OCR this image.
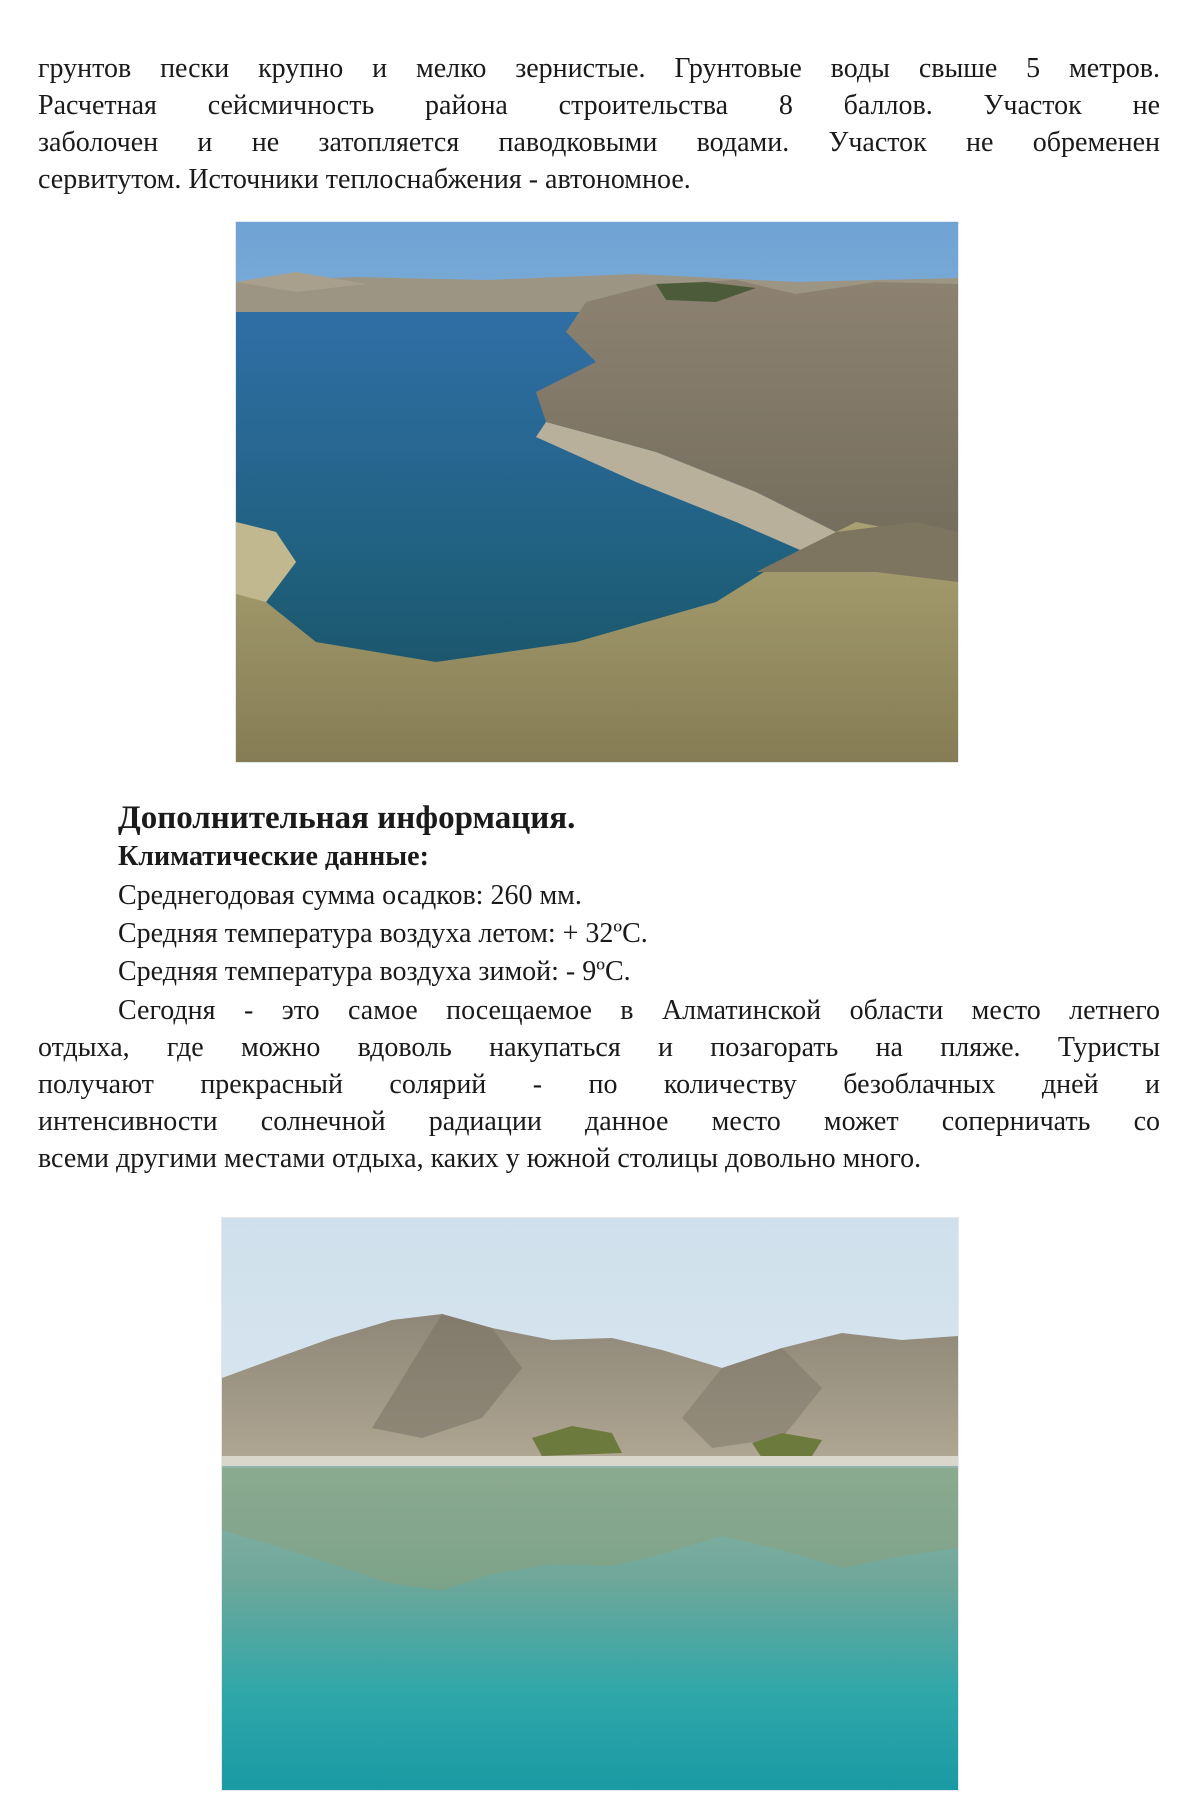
грунтов пески крупно и мелко зернистые. Грунтовые воды свыше 5 метров.
Расчетная сейсмичность района строительства 8 баллов. Участок не
заболочен и не затопляется паводковыми водами. Участок не обременен
сервитутом. Источники теплоснабжения - автономное.
Дополнительная информация.
Климатические данные:

Среднегодовая сумма осадков: 260 мм.

Средняя температура воздуха летом: + 32ºC.

Средняя температура воздуха зимой: - 9ºC.

Сегодня - это самое посещаемое в Алматинской области место летнего
отдыха, где можно вдоволь накупаться и позагорать на пляже. Туристы
получают прекрасный солярий - по количеству безоблачных дней и
интенсивности солнечной радиации данное место может соперничать со
всеми другими местами отдыха, каких у южной столицы довольно много.
